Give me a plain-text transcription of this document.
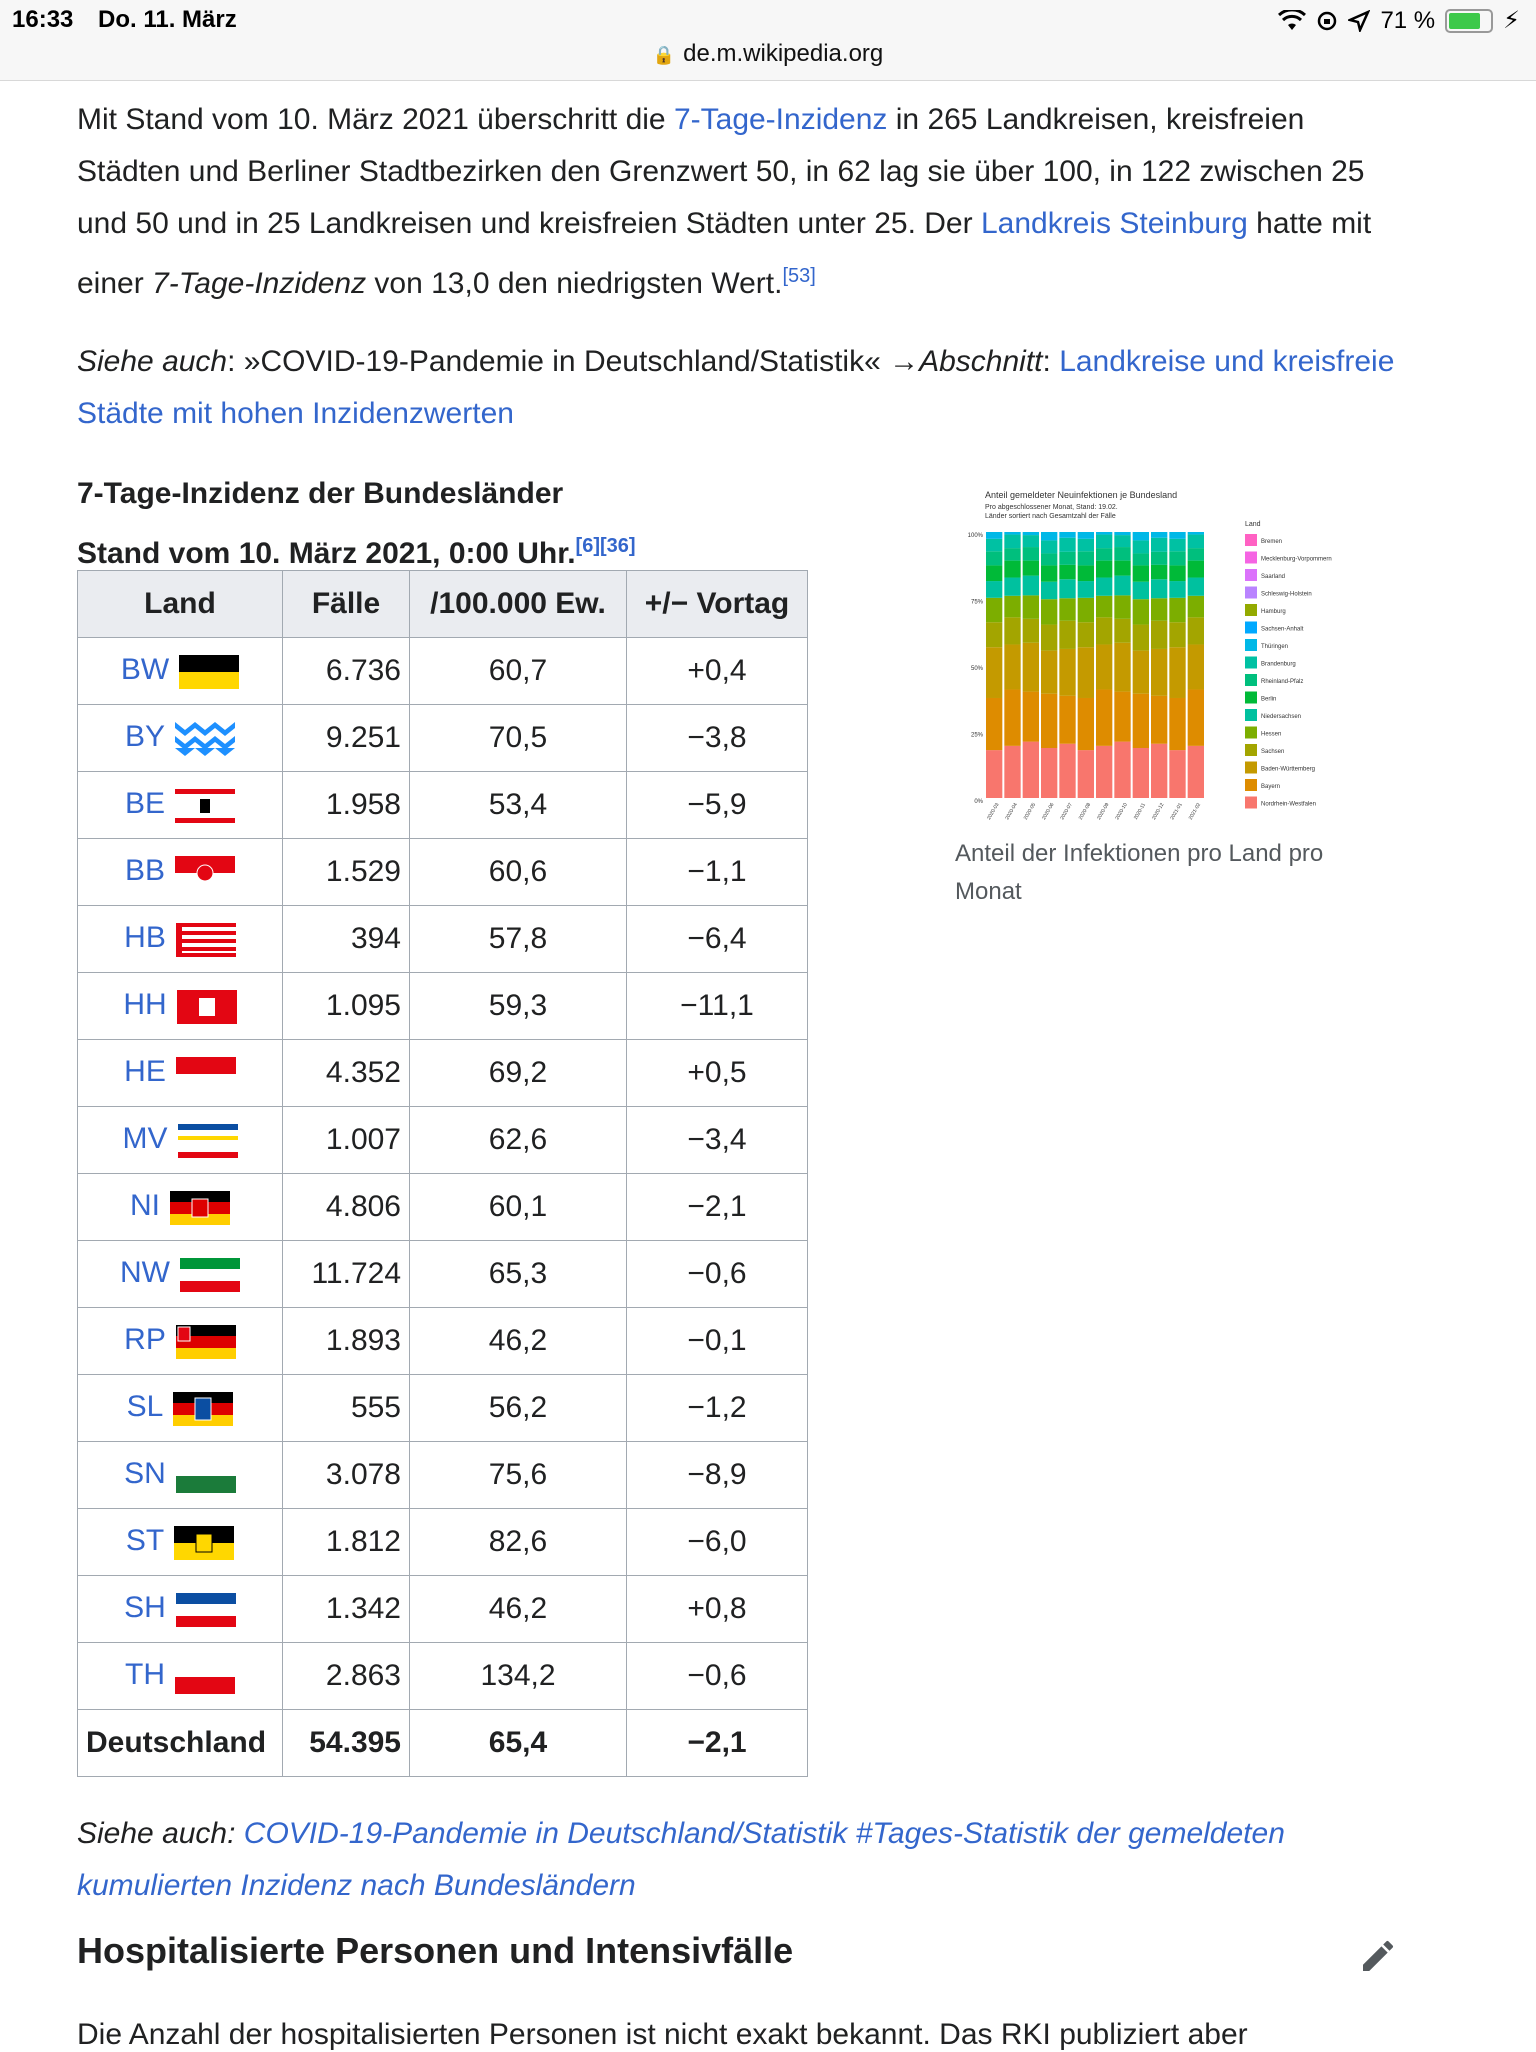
16:33 Do. 11. März
🔒 de.m.wikipedia.org
71 %	⚡

Mit Stand vom 10. März 2021 überschritt die 7-Tage-Inzidenz in 265 Landkreisen, kreisfreien Städten und Berliner Stadtbezirken den Grenzwert 50, in 62 lag sie über 100, in 122 zwischen 25 und 50 und in 25 Landkreisen und kreisfreien Städten unter 25. Der Landkreis Steinburg hatte mit einer 7-Tage-Inzidenz von 13,0 den niedrigsten Wert.[53]

Siehe auch: »COVID-19-Pandemie in Deutschland/Statistik« →Abschnitt: Landkreise und kreisfreie Städte mit hohen Inzidenzwerten

7-Tage-Inzidenz der Bundesländer
Stand vom 10. März 2021, 0:00 Uhr.[6][36]
Land	Fälle	/100.000 Ew.	+/− Vortag
BW	6.736	60,7	+0,4
BY	9.251	70,5	−3,8
BE	1.958	53,4	−5,9
BB	1.529	60,6	−1,1
HB	394	57,8	−6,4
HH	1.095	59,3	−11,1
HE	4.352	69,2	+0,5
MV	1.007	62,6	−3,4
NI	4.806	60,1	−2,1
NW	11.724	65,3	−0,6
RP	1.893	46,2	−0,1
SL	555	56,2	−1,2
SN	3.078	75,6	−8,9
ST	1.812	82,6	−6,0
SH	1.342	46,2	+0,8
TH	2.863	134,2	−0,6
Deutschland	54.395	65,4	−2,1
Anteil gemeldeter Neuinfektionen je Bundesland
Pro abgeschlossener Monat, Stand: 19.02.
Länder sortiert nach Gesamtzahl der Fälle
100%
75%
50%
25%
0%
2020-03 2020-04 2020-05 2020-06 2020-07 2020-08 2020-09 2020-10 2020-11 2020-12 2021-01 2021-02
Land
Bremen
Mecklenburg-Vorpommern
Saarland
Schleswig-Holstein
Hamburg
Sachsen-Anhalt
Thüringen
Brandenburg
Rheinland-Pfalz
Berlin
Niedersachsen
Hessen
Sachsen
Baden-Württemberg
Bayern
Nordrhein-Westfalen
Anteil der Infektionen pro Land pro Monat
Siehe auch: COVID-19-Pandemie in Deutschland/Statistik #Tages-Statistik der gemeldeten kumulierten Inzidenz nach Bundesländern
Hospitalisierte Personen und Intensivfälle
Die Anzahl der hospitalisierten Personen ist nicht exakt bekannt. Das RKI publiziert aber
